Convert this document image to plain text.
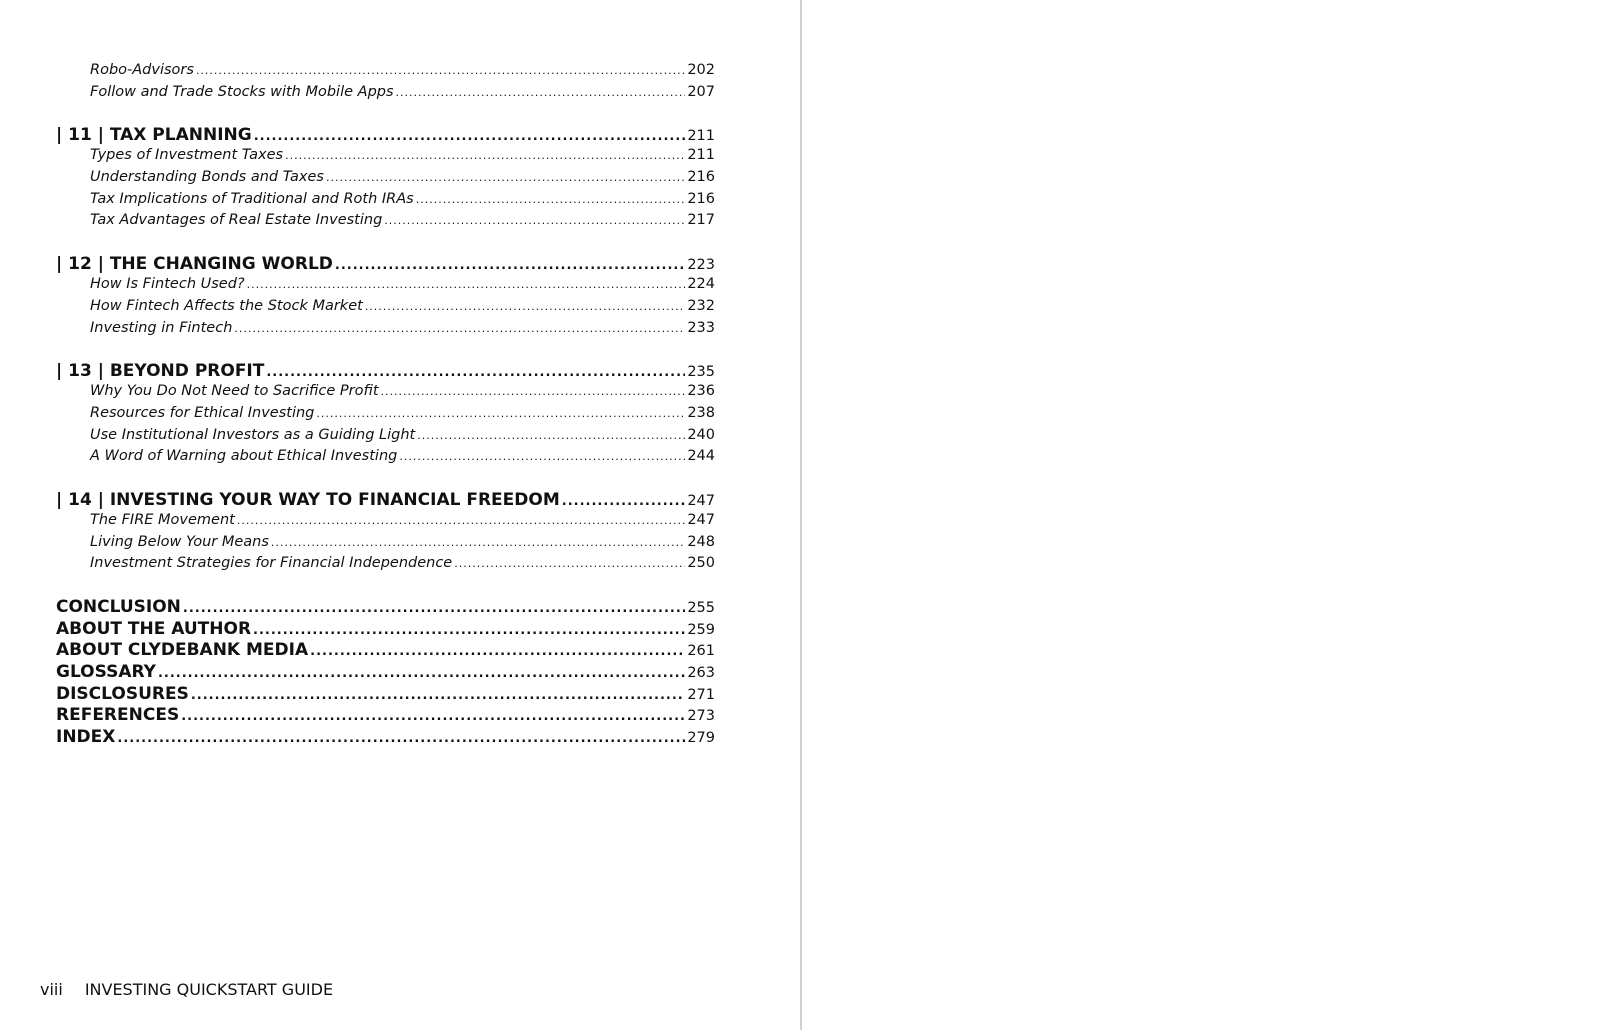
Robo-Advisors .....	202
Follow and Trade Stocks with Mobile Apps .....	207
| 11 | TAX PLANNING .....	211
Types of Investment Taxes .....	211
Understanding Bonds and Taxes .....	216
Tax Implications of Traditional and Roth IRAs .....	216
Tax Advantages of Real Estate Investing .....	217
| 12 | THE CHANGING WORLD .....	223
How Is Fintech Used? .....	224
How Fintech Affects the Stock Market .....	232
Investing in Fintech .....	233
| 13 | BEYOND PROFIT .....	235
Why You Do Not Need to Sacrifice Profit .....	236
Resources for Ethical Investing .....	238
Use Institutional Investors as a Guiding Light .....	240
A Word of Warning about Ethical Investing .....	244
| 14 | INVESTING YOUR WAY TO FINANCIAL FREEDOM .....	247
The FIRE Movement .....	247
Living Below Your Means .....	248
Investment Strategies for Financial Independence .....	250
CONCLUSION .....	255
ABOUT THE AUTHOR .....	259
ABOUT CLYDEBANK MEDIA .....	261
GLOSSARY .....	263
DISCLOSURES .....	271
REFERENCES .....	273
INDEX .....	279
viii INVESTING QUICKSTART GUIDE
